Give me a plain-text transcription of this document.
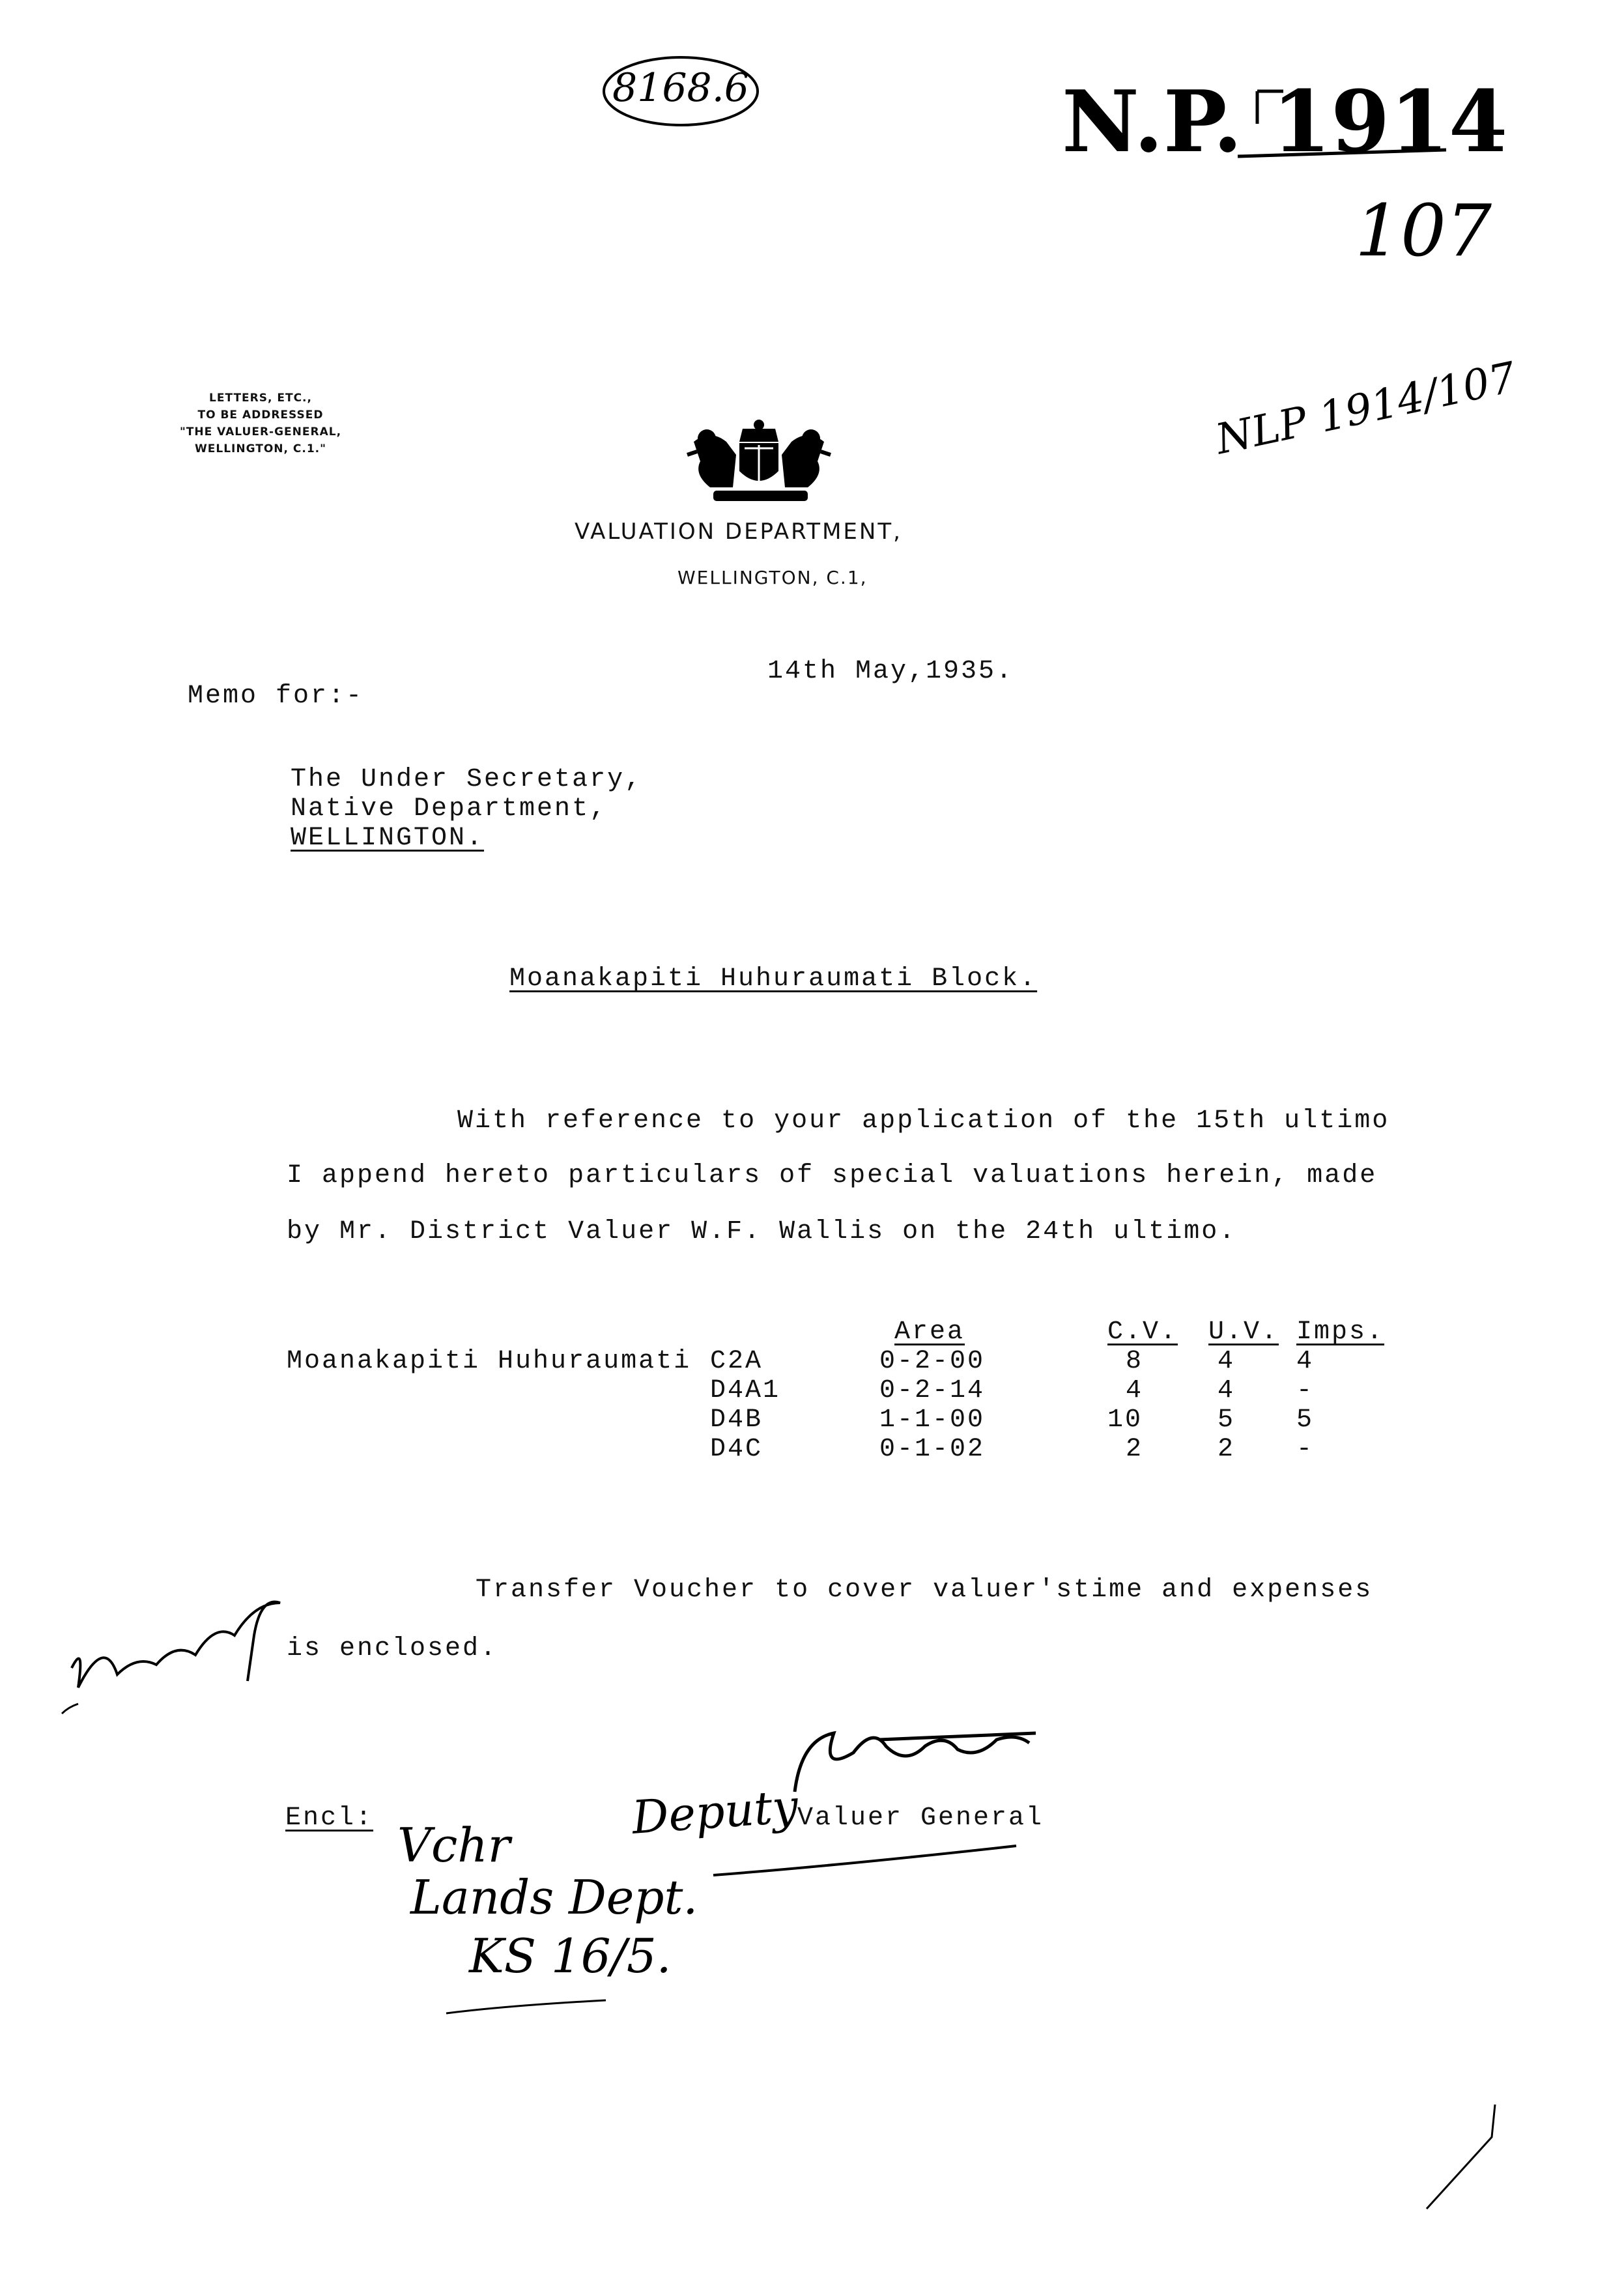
8168.6	N.P. 1914
107
NLP 1914/107
LETTERS, ETC.,
TO BE ADDRESSED
"THE VALUER-GENERAL,
WELLINGTON, C.1."
VALUATION DEPARTMENT,
WELLINGTON, C.1,
14th May,1935.
Memo for:-
The Under Secretary,
Native Department,
WELLINGTON.
Moanakapiti Huhuraumati Block.
With reference to your application of the 15th ultimo
I append hereto particulars of special valuations herein, made
by Mr. District Valuer W.F. Wallis on the 24th ultimo.
		Area	C.V.	U.V.	Imps.
Moanakapiti Huhuraumati	C2A	0-2-00	8	4	4
	D4A1	0-2-14	4	4	-
	D4B	1-1-00	10	5	5
	D4C	0-1-02	2	2	-
Transfer Voucher to cover valuer'stime and expenses
is enclosed.
Deputy
Valuer General
Encl: Vchr
Lands Dept.
KS 16/5.
